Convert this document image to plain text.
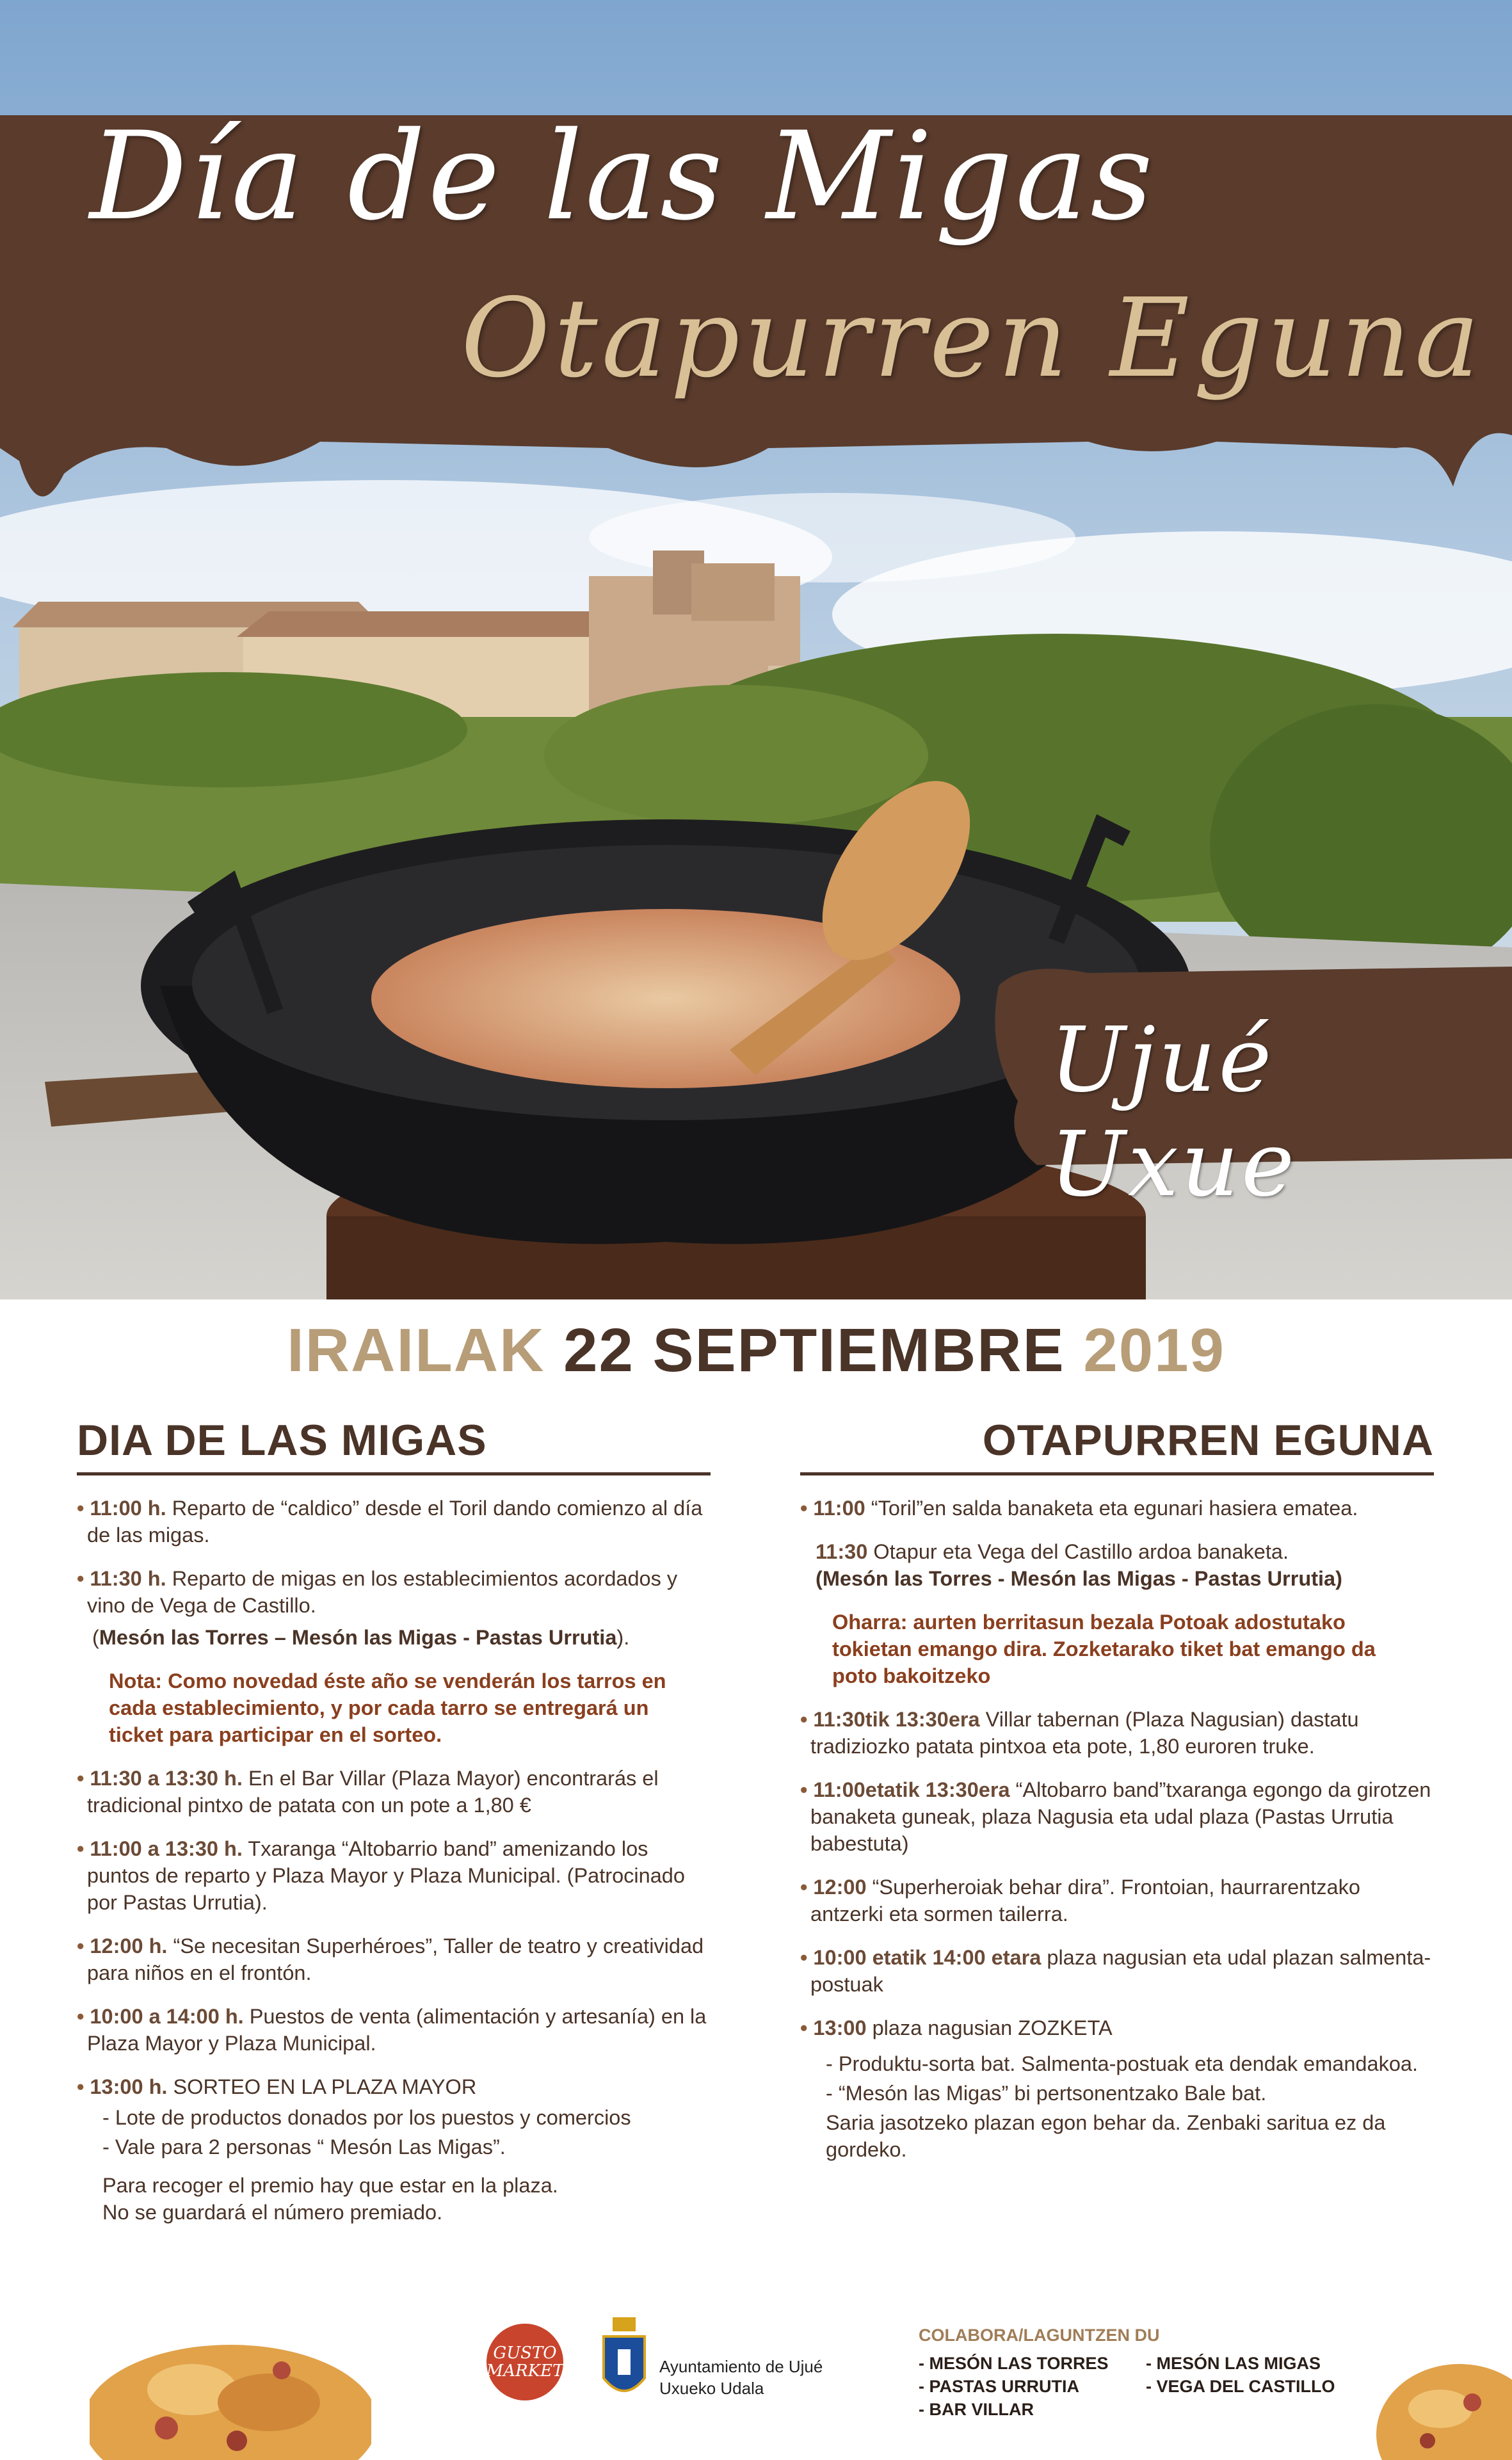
Día de las Migas
Otapurren Eguna
Ujué Uxue
IRAILAK 22 SEPTIEMBRE 2019
DIA DE LAS MIGAS
• 11:00 h. Reparto de “caldico” desde el Toril dando comienzo al día de las migas.
• 11:30 h. Reparto de migas en los establecimientos acordados y vino de Vega de Castillo.
(Mesón las Torres – Mesón las Migas - Pastas Urrutia).
Nota: Como novedad éste año se venderán los tarros en cada establecimiento, y por cada tarro se entregará un ticket para participar en el sorteo.
• 11:30 a 13:30 h. En el Bar Villar (Plaza Mayor) encontrarás el tradicional pintxo de patata con un pote a 1,80 €
• 11:00 a 13:30 h. Txaranga “Altobarrio band” amenizando los puntos de reparto y Plaza Mayor y Plaza Municipal. (Patrocinado por Pastas Urrutia).
• 12:00 h. “Se necesitan Superhéroes”, Taller de teatro y creatividad para niños en el frontón.
• 10:00 a 14:00 h. Puestos de venta (alimentación y artesanía) en la Plaza Mayor y Plaza Municipal.
• 13:00 h. SORTEO EN LA PLAZA MAYOR
- Lote de productos donados por los puestos y comercios
- Vale para 2 personas “ Mesón Las Migas”.
Para recoger el premio hay que estar en la plaza.
No se guardará el número premiado.
OTAPURREN EGUNA
• 11:00 “Toril”en salda banaketa eta egunari hasiera ematea.
11:30 Otapur eta Vega del Castillo ardoa banaketa.
(Mesón las Torres - Mesón las Migas - Pastas Urrutia)
Oharra: aurten berritasun bezala Potoak adostutako tokietan emango dira. Zozketarako tiket bat emango da poto bakoitzeko
• 11:30tik 13:30era Villar tabernan (Plaza Nagusian) dastatu tradiziozko patata pintxoa eta pote, 1,80 euroren truke.
• 11:00etatik 13:30era “Altobarro band”txaranga egongo da girotzen banaketa guneak, plaza Nagusia eta udal plaza (Pastas Urrutia babestuta)
• 12:00 “Superheroiak behar dira”. Frontoian, haurrarentzako antzerki eta sormen tailerra.
• 10:00 etatik 14:00 etara plaza nagusian eta udal plazan salmenta-postuak
• 13:00 plaza nagusian ZOZKETA
- Produktu-sorta bat. Salmenta-postuak eta dendak emandakoa.
- “Mesón las Migas” bi pertsonentzako Bale bat.
Saria jasotzeko plazan egon behar da. Zenbaki saritua ez da gordeko.
GUSTO MARKET	Ayuntamiento de Ujué
Uxueko Udala
COLABORA/LAGUNTZEN DU
- MESÓN LAS TORRES	- MESÓN LAS MIGAS
- PASTAS URRUTIA	- VEGA DEL CASTILLO
- BAR VILLAR
